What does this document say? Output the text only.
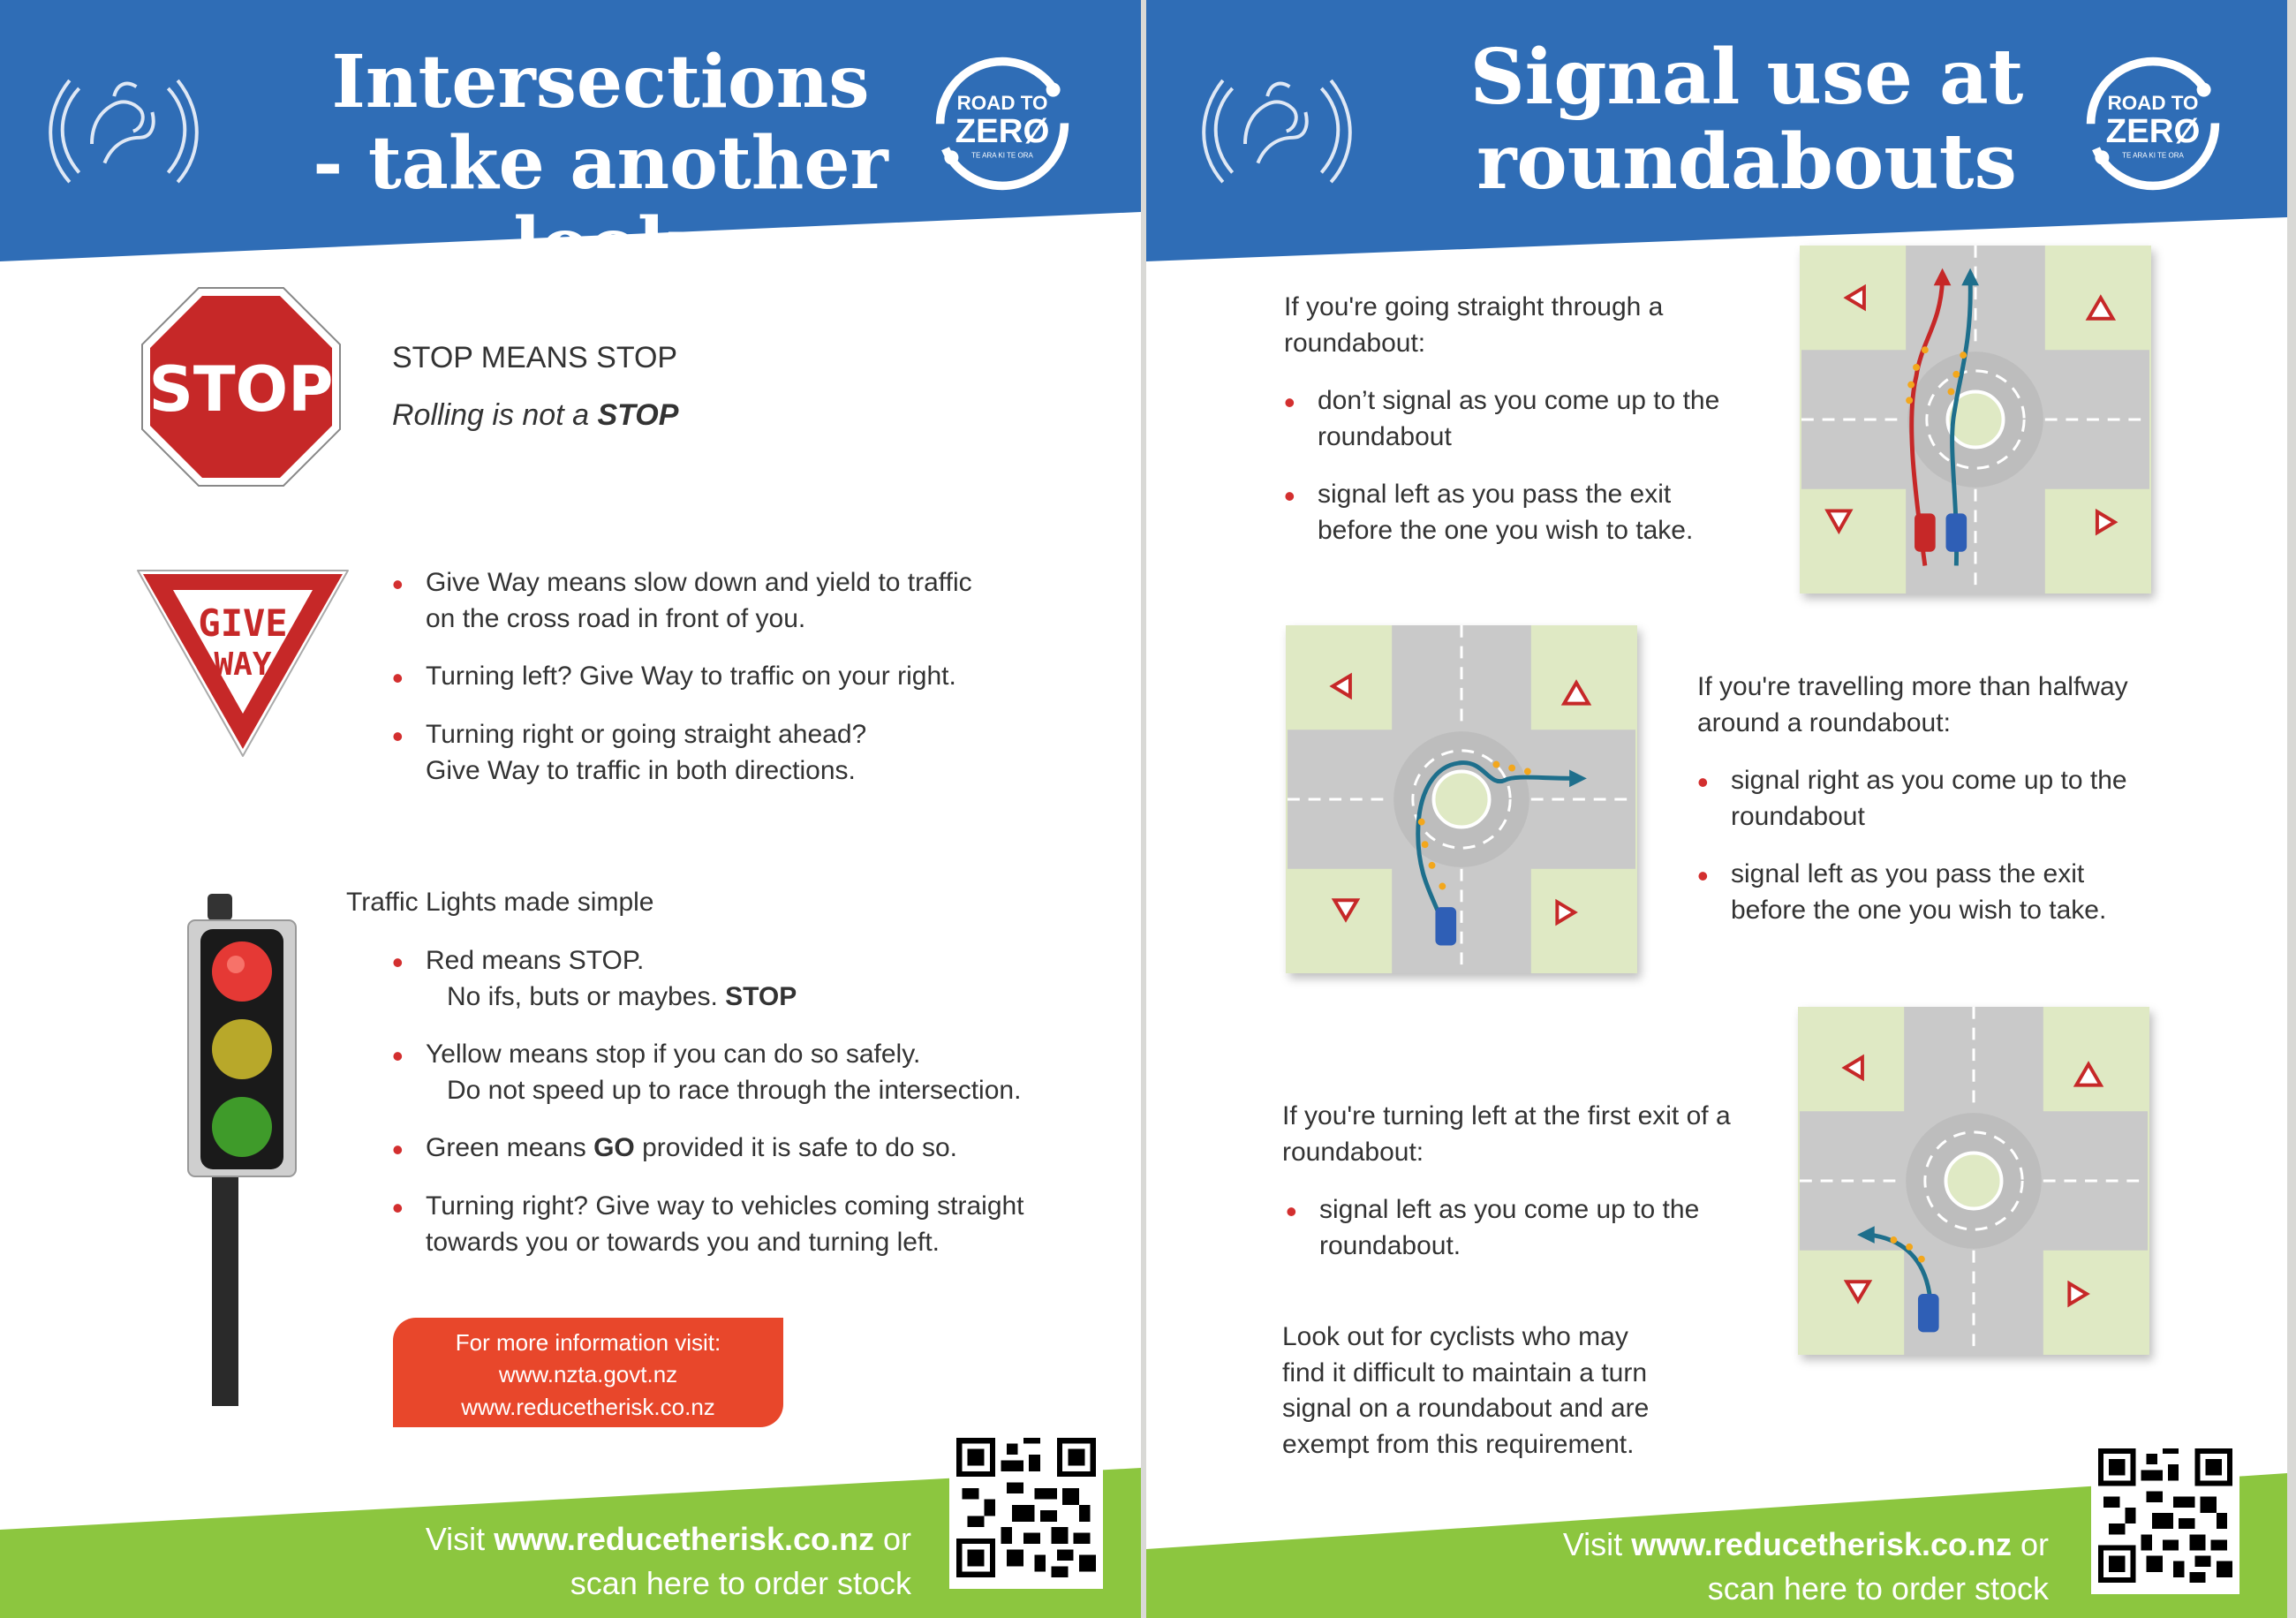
Intersections
- take another look
ROAD TO
ZERØ
TE ARA KI TE ORA
STOP STOP MEANS STOP
Rolling is not a STOP
GIVE
WAY
• Give Way means slow down and yield to traffic
on the cross road in front of you.
• Turning left? Give Way to traffic on your right.
• Turning right or going straight ahead?
Give Way to traffic in both directions.
Traffic Lights made simple
• Red means STOP.
No ifs, buts or maybes. STOP
• Yellow means stop if you can do so safely.
Do not speed up to race through the intersection.
• Green means GO provided it is safe to do so.
• Turning right? Give way to vehicles coming straight
towards you or towards you and turning left.
For more information visit:
www.nzta.govt.nz
www.reducetherisk.co.nz
Visit www.reducetherisk.co.nz or
scan here to order stock
Signal use at
roundabouts
ROAD TO
ZERØ
TE ARA KI TE ORA
If you're going straight through a
roundabout:
• don’t signal as you come up to the
roundabout
• signal left as you pass the exit
before the one you wish to take.
If you're travelling more than halfway
around a roundabout:
• signal right as you come up to the
roundabout
• signal left as you pass the exit
before the one you wish to take.
If you're turning left at the first exit of a
roundabout:
• signal left as you come up to the
roundabout.
Look out for cyclists who may
find it difficult to maintain a turn
signal on a roundabout and are
exempt from this requirement.
Visit www.reducetherisk.co.nz or
scan here to order stock
